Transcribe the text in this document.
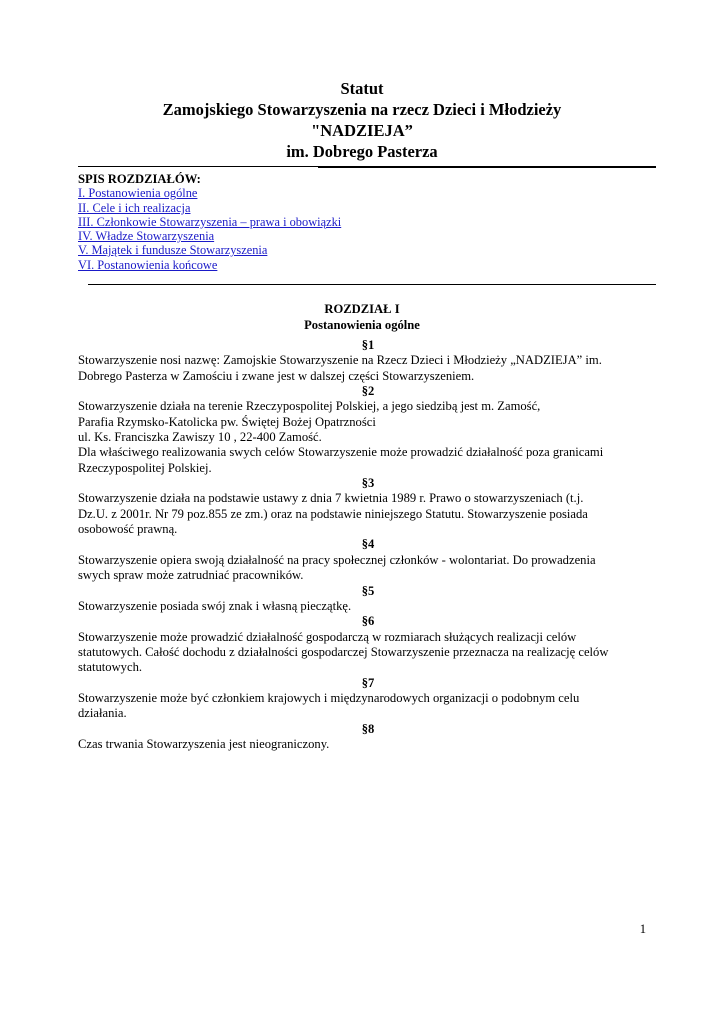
Statut
Zamojskiego Stowarzyszenia na rzecz Dzieci i Młodzieży
"NADZIEJA”
im. Dobrego Pasterza
SPIS ROZDZIAŁÓW:
I. Postanowienia ogólne
II. Cele i ich realizacja
III. Członkowie Stowarzyszenia – prawa i obowiązki
IV. Władze Stowarzyszenia
V. Majątek i fundusze Stowarzyszenia
VI. Postanowienia końcowe
ROZDZIAŁ I
Postanowienia ogólne
§1
Stowarzyszenie nosi nazwę: Zamojskie Stowarzyszenie na Rzecz Dzieci i Młodzieży „NADZIEJA” im.
Dobrego Pasterza w Zamościu i zwane jest w dalszej części Stowarzyszeniem.
§2
Stowarzyszenie działa na terenie Rzeczypospolitej Polskiej, a jego siedzibą jest m. Zamość,
Parafia Rzymsko-Katolicka pw. Świętej Bożej Opatrzności
ul. Ks. Franciszka Zawiszy 10 , 22-400 Zamość.
Dla właściwego realizowania swych celów Stowarzyszenie może prowadzić działalność poza granicami
Rzeczypospolitej Polskiej.
§3
Stowarzyszenie działa na podstawie ustawy z dnia 7 kwietnia 1989 r. Prawo o stowarzyszeniach (t.j.
Dz.U. z 2001r. Nr 79 poz.855 ze zm.) oraz na podstawie niniejszego Statutu. Stowarzyszenie posiada
osobowość prawną.
§4
Stowarzyszenie opiera swoją działalność na pracy społecznej członków - wolontariat. Do prowadzenia
swych spraw może zatrudniać pracowników.
§5
Stowarzyszenie posiada swój znak i własną pieczątkę.
§6
Stowarzyszenie może prowadzić działalność gospodarczą w rozmiarach służących realizacji celów
statutowych. Całość dochodu z działalności gospodarczej Stowarzyszenie przeznacza na realizację celów
statutowych.
§7
Stowarzyszenie może być członkiem krajowych i międzynarodowych organizacji o podobnym celu
działania.
§8
Czas trwania Stowarzyszenia jest nieograniczony.
1
